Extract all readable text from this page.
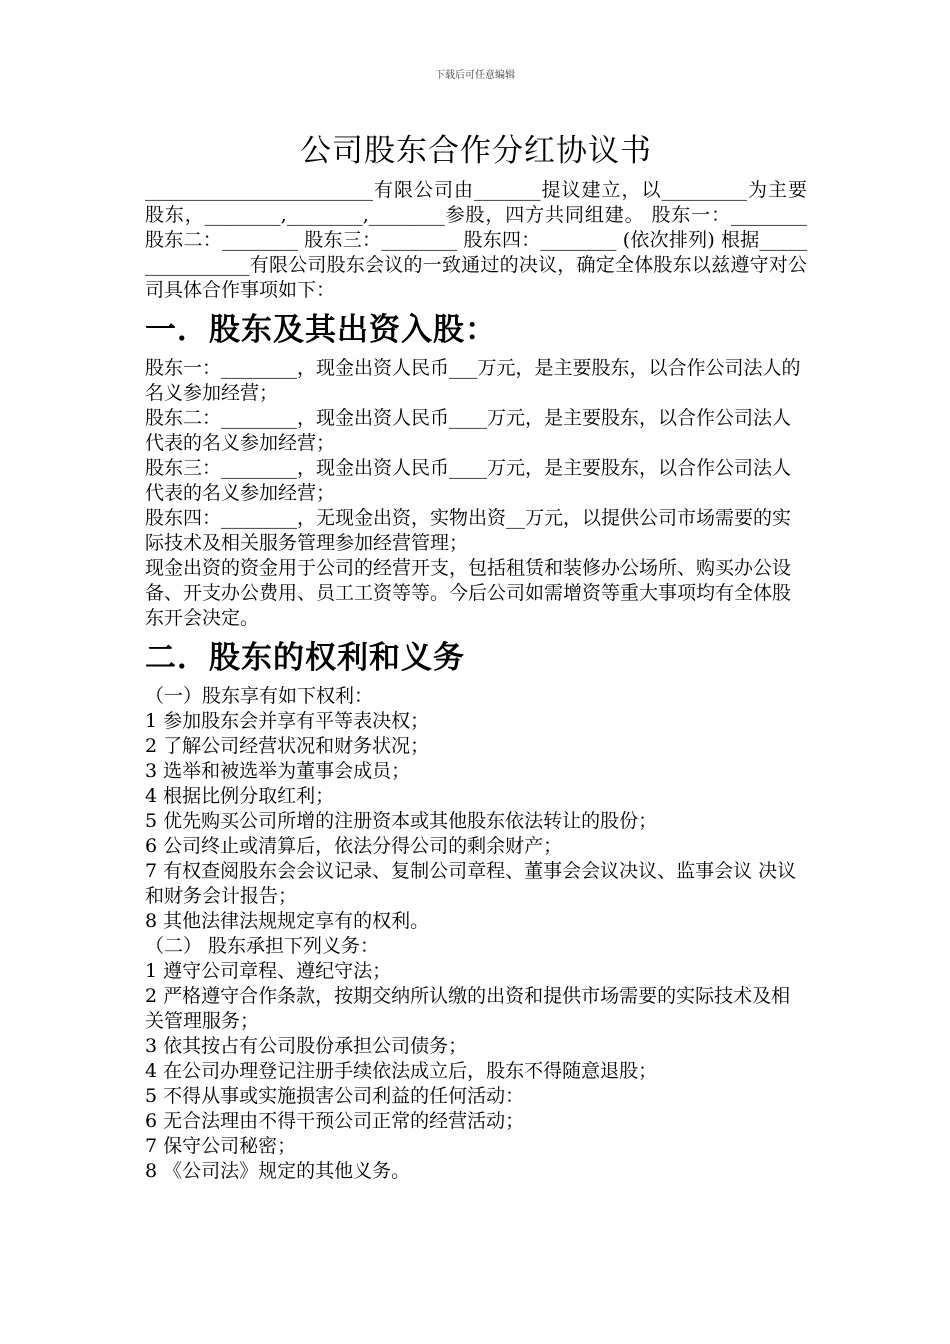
下载后可任意编辑
公司股东合作分红协议书

________________________有限公司由_______提议建立，以_________为主要股东，________,________,________参股，四方共同组建。 股东一：________ 股东二：________ 股东三：________ 股东四：________ (依次排列) 根据________________有限公司股东会议的一致通过的决议，确定全体股东以兹遵守对公司具体合作事项如下：

一．股东及其出资入股：

股东一：________，现金出资人民币___万元，是主要股东，以合作公司法人的名义参加经营；

股东二：________，现金出资人民币____万元，是主要股东，以合作公司法人代表的名义参加经营；

股东三：________，现金出资人民币____万元，是主要股东，以合作公司法人代表的名义参加经营；

股东四：________，无现金出资，实物出资__万元，以提供公司市场需要的实际技术及相关服务管理参加经营管理；

现金出资的资金用于公司的经营开支，包括租赁和装修办公场所、购买办公设备、开支办公费用、员工工资等等。今后公司如需增资等重大事项均有全体股东开会决定。

二．股东的权利和义务

（一）股东享有如下权利：

1 参加股东会并享有平等表决权；

2 了解公司经营状况和财务状况；

3 选举和被选举为董事会成员；

4 根据比例分取红利；

5 优先购买公司所增的注册资本或其他股东依法转让的股份；

6 公司终止或清算后，依法分得公司的剩余财产；

7 有权查阅股东会会议记录、复制公司章程、董事会会议决议、监事会议 决议和财务会计报告；

8 其他法律法规规定享有的权利。

（二） 股东承担下列义务：

1 遵守公司章程、遵纪守法；

2 严格遵守合作条款，按期交纳所认缴的出资和提供市场需要的实际技术及相关管理服务；

3 依其按占有公司股份承担公司债务；

4 在公司办理登记注册手续依法成立后，股东不得随意退股；

5 不得从事或实施损害公司利益的任何活动：

6 无合法理由不得干预公司正常的经营活动；

7 保守公司秘密；

8 《公司法》规定的其他义务。
